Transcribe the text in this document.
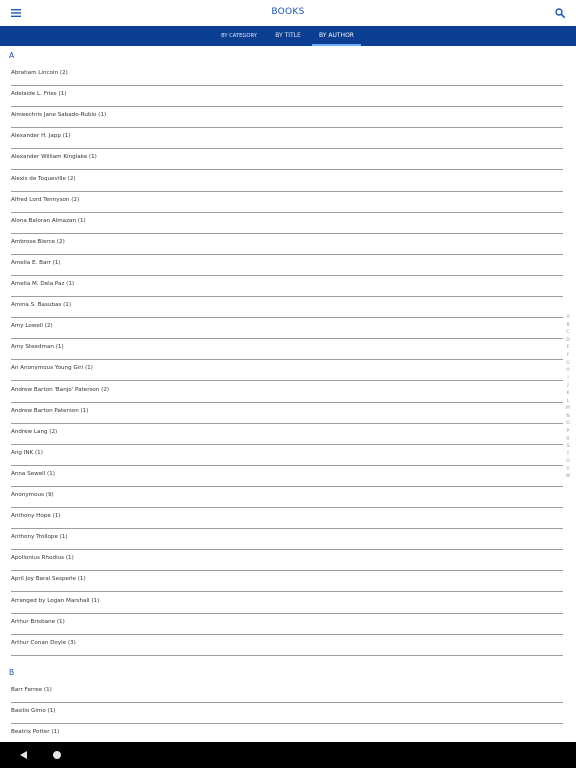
BOOKS
BY CATEGORY	BY TITLE	BY AUTHOR
A
Abraham Lincoln (2)
Adelaide L. Fries (1)
Aimeechris Jane Sabado-Rubio (1)
Alexander H. Japp (1)
Alexander William Kinglake (1)
Alexis de Toqueville (2)
Alfred Lord Tennyson (2)
Alona Baloran Almazan (1)
Ambrose Bierce (2)
Amelia E. Barr (1)
Amelia M. Dela Paz (1)
Amina S. Basubas (1)
Amy Lowell (2)
Amy Steedman (1)
An Anonymous Young Girl (1)
Andrew Barton 'Banjo' Paterson (2)
Andrew Barton Paterson (1)
Andrew Lang (2)
Ang INK (1)
Anna Sewell (1)
Anonymous (9)
Anthony Hope (1)
Anthony Trollope (1)
Apollonius Rhodius (1)
April Joy Baral Sespeñe (1)
Arranged by Logan Marshall (1)
Arthur Brisbane (1)
Arthur Conan Doyle (3)
B
Barr Ferree (1)
Basilio Gimo (1)
Beatrix Potter (1)
A
B
C
D
E
F
G
H
I
J
K
L
M
N
O
P
R
S
T
U
V
W
